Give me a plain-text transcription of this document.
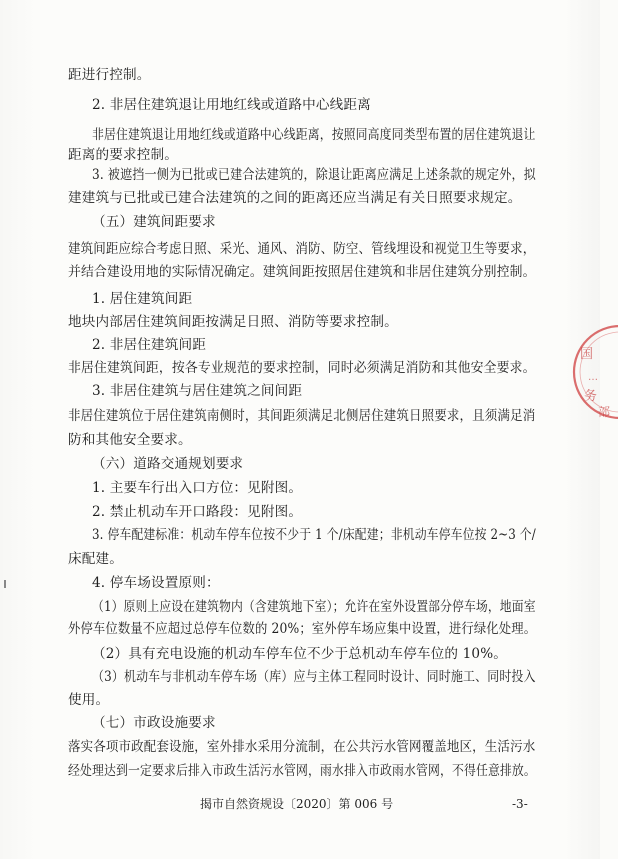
距进行控制。
2. 非居住建筑退让用地红线或道路中心线距离
非居住建筑退让用地红线或道路中心线距离，按照同高度同类型布置的居住建筑退让
距离的要求控制。
3. 被遮挡一侧为已批或已建合法建筑的，除退让距离应满足上述条款的规定外，拟
建建筑与已批或已建合法建筑的之间的距离还应当满足有关日照要求规定。
（五）建筑间距要求
建筑间距应综合考虑日照、采光、通风、消防、防空、管线埋设和视觉卫生等要求，
并结合建设用地的实际情况确定。建筑间距按照居住建筑和非居住建筑分别控制。
1. 居住建筑间距
地块内部居住建筑间距按满足日照、消防等要求控制。
2. 非居住建筑间距
非居住建筑间距，按各专业规范的要求控制，同时必须满足消防和其他安全要求。
3. 非居住建筑与居住建筑之间间距
非居住建筑位于居住建筑南侧时，其间距须满足北侧居住建筑日照要求，且须满足消
防和其他安全要求。
（六）道路交通规划要求
1. 主要车行出入口方位：见附图。
2. 禁止机动车开口路段：见附图。
3. 停车配建标准：机动车停车位按不少于 1 个/床配建；非机动车停车位按 2~3 个/
床配建。
4. 停车场设置原则：
（1）原则上应设在建筑物内（含建筑地下室）；允许在室外设置部分停车场，地面室
外停车位数量不应超过总停车位数的 20%；室外停车场应集中设置，进行绿化处理。
（2）具有充电设施的机动车停车位不少于总机动车停车位的 10%。
（3）机动车与非机动车停车场（库）应与主体工程同时设计、同时施工、同时投入
使用。
（七）市政设施要求
落实各项市政配套设施，室外排水采用分流制，在公共污水管网覆盖地区，生活污水
经处理达到一定要求后排入市政生活污水管网，雨水排入市政雨水管网，不得任意排放。
揭市自然资规设〔2020〕第 006 号	-3-
国
…
务
部
